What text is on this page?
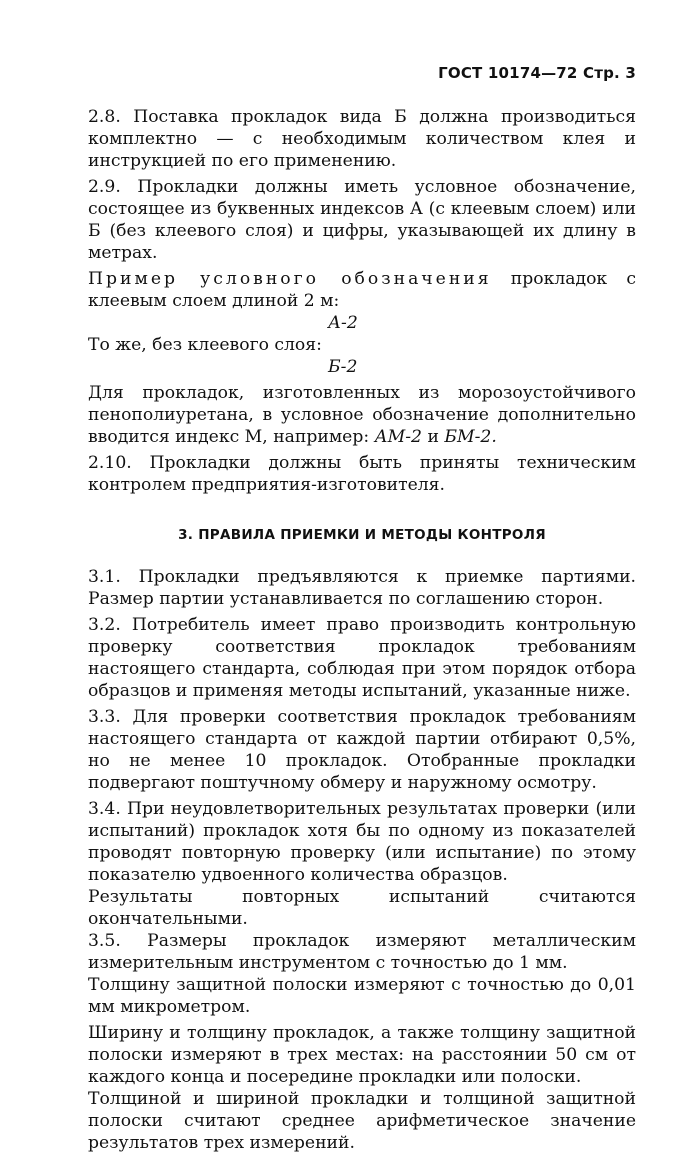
ГОСТ 10174—72 Стр. 3

2.8. Поставка прокладок вида Б должна производиться комплектно — с необходимым количеством клея и инструкцией по его применению.

2.9. Прокладки должны иметь условное обозначение, состоящее из буквенных индексов А (с клеевым слоем) или Б (без клеевого слоя) и цифры, указывающей их длину в метрах.

Пример условного обозначения прокладок с клеевым слоем длиной 2 м:

А-2

То же, без клеевого слоя:

Б-2

Для прокладок, изготовленных из морозоустойчивого пенополиуретана, в условное обозначение дополнительно вводится индекс М, например: АМ-2 и БМ-2.

2.10. Прокладки должны быть приняты техническим контролем предприятия-изготовителя.

3. ПРАВИЛА ПРИЕМКИ И МЕТОДЫ КОНТРОЛЯ

3.1. Прокладки предъявляются к приемке партиями. Размер партии устанавливается по соглашению сторон.

3.2. Потребитель имеет право производить контрольную проверку соответствия прокладок требованиям настоящего стандарта, соблюдая при этом порядок отбора образцов и применяя методы испытаний, указанные ниже.

3.3. Для проверки соответствия прокладок требованиям настоящего стандарта от каждой партии отбирают 0,5%, но не менее 10 прокладок. Отобранные прокладки подвергают поштучному обмеру и наружному осмотру.

3.4. При неудовлетворительных результатах проверки (или испытаний) прокладок хотя бы по одному из показателей проводят повторную проверку (или испытание) по этому показателю удвоенного количества образцов.

Результаты повторных испытаний считаются окончательными.

3.5. Размеры прокладок измеряют металлическим измерительным инструментом с точностью до 1 мм.

Толщину защитной полоски измеряют с точностью до 0,01 мм микрометром.

Ширину и толщину прокладок, а также толщину защитной полоски измеряют в трех местах: на расстоянии 50 см от каждого конца и посередине прокладки или полоски.

Толщиной и шириной прокладки и толщиной защитной полоски считают среднее арифметическое значение результатов трех измерений.
